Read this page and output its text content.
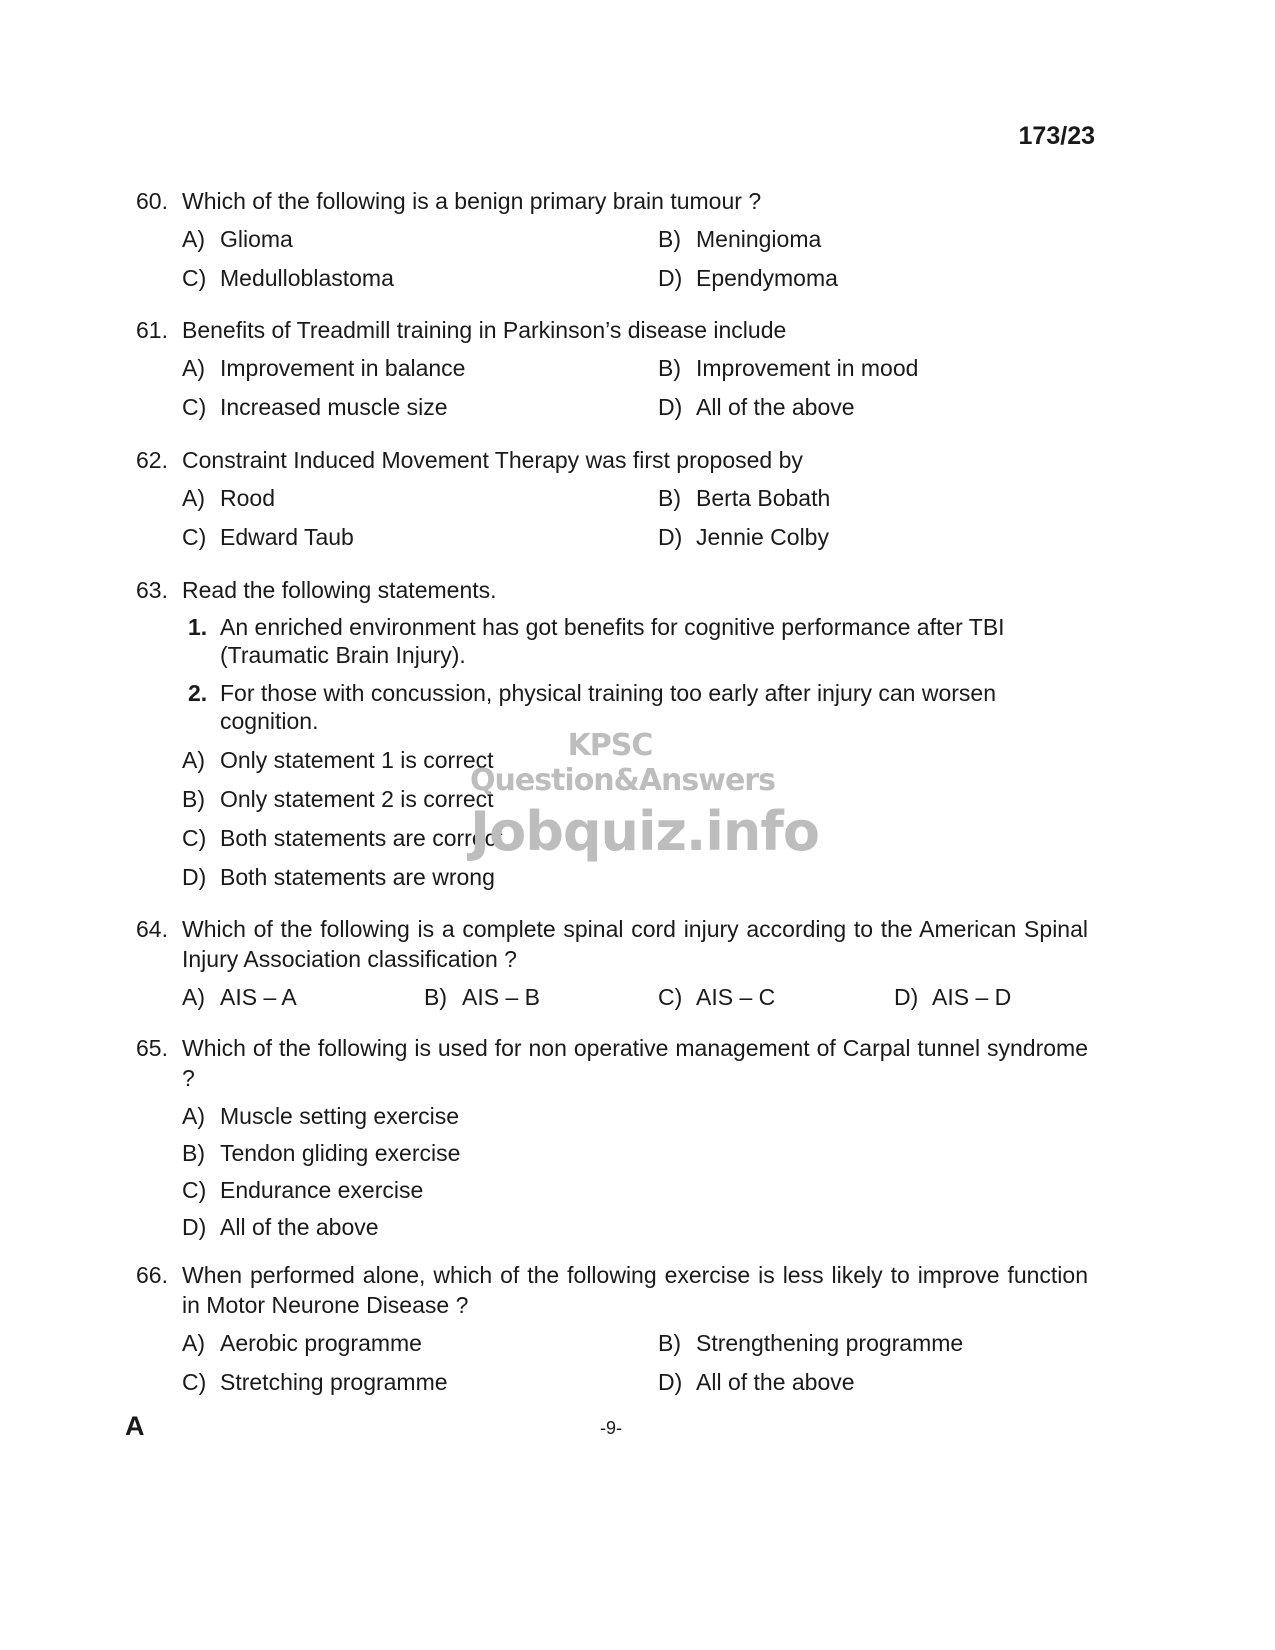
173/23
60. Which of the following is a benign primary brain tumour ?
A) Glioma	B) Meningioma
C) Medulloblastoma	D) Ependymoma
61. Benefits of Treadmill training in Parkinson’s disease include
A) Improvement in balance	B) Improvement in mood
C) Increased muscle size	D) All of the above
62. Constraint Induced Movement Therapy was first proposed by
A) Rood	B) Berta Bobath
C) Edward Taub	D) Jennie Colby
63. Read the following statements.
1. An enriched environment has got benefits for cognitive performance after TBI (Traumatic Brain Injury).
2. For those with concussion, physical training too early after injury can worsen cognition.
A) Only statement 1 is correct
B) Only statement 2 is correct
C) Both statements are correct
D) Both statements are wrong
64. Which of the following is a complete spinal cord injury according to the American Spinal Injury Association classification ?
A) AIS – A	B) AIS – B	C) AIS – C	D) AIS – D
65. Which of the following is used for non operative management of Carpal tunnel syndrome ?
A) Muscle setting exercise
B) Tendon gliding exercise
C) Endurance exercise
D) All of the above
66. When performed alone, which of the following exercise is less likely to improve function in Motor Neurone Disease ?
A) Aerobic programme	B) Strengthening programme
C) Stretching programme	D) All of the above
KPSC Question&Answers
Jobquiz.info
A	-9-
